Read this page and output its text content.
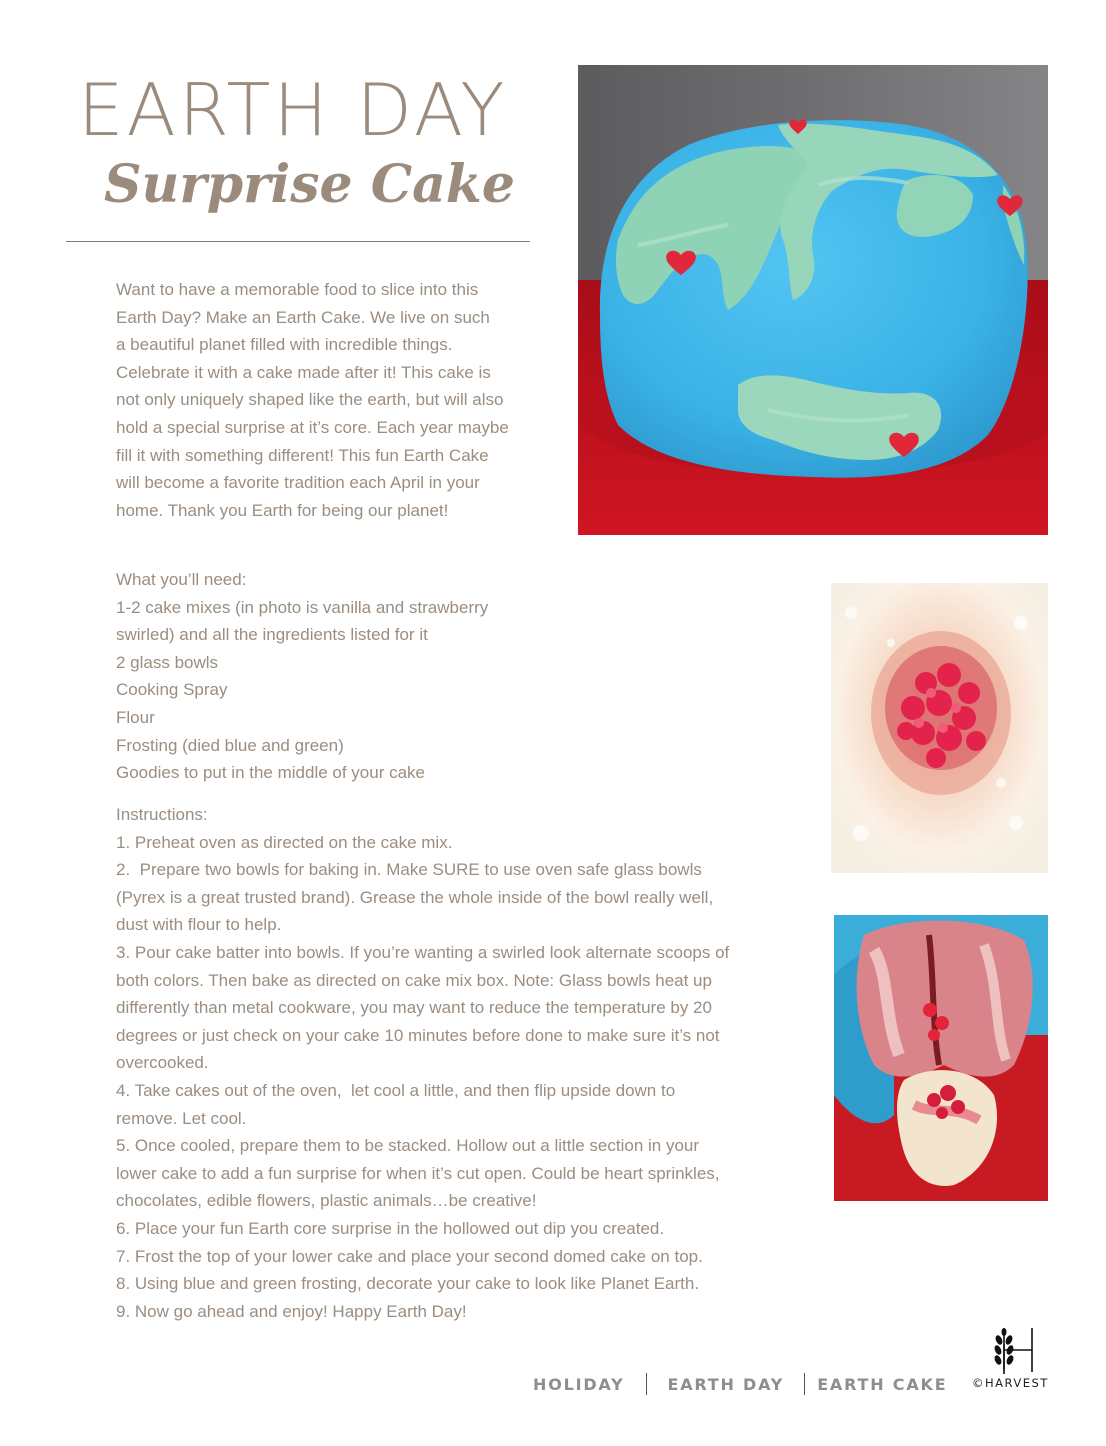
EARTH DAY
Surprise Cake
Want to have a memorable food to slice into this
Earth Day? Make an Earth Cake. We live on such
a beautiful planet filled with incredible things.
Celebrate it with a cake made after it! This cake is
not only uniquely shaped like the earth, but will also
hold a special surprise at it’s core. Each year maybe
fill it with something different! This fun Earth Cake
will become a favorite tradition each April in your
home. Thank you Earth for being our planet!
What you’ll need:
1-2 cake mixes (in photo is vanilla and strawberry
swirled) and all the ingredients listed for it
2 glass bowls
Cooking Spray
Flour
Frosting (died blue and green)
Goodies to put in the middle of your cake
Instructions:
1. Preheat oven as directed on the cake mix.
2.  Prepare two bowls for baking in. Make SURE to use oven safe glass bowls
(Pyrex is a great trusted brand). Grease the whole inside of the bowl really well,
dust with flour to help.
3. Pour cake batter into bowls. If you’re wanting a swirled look alternate scoops of
both colors. Then bake as directed on cake mix box. Note: Glass bowls heat up
differently than metal cookware, you may want to reduce the temperature by 20
degrees or just check on your cake 10 minutes before done to make sure it’s not
overcooked.
4. Take cakes out of the oven,  let cool a little, and then flip upside down to
remove. Let cool.
5. Once cooled, prepare them to be stacked. Hollow out a little section in your
lower cake to add a fun surprise for when it’s cut open. Could be heart sprinkles,
chocolates, edible flowers, plastic animals…be creative!
6. Place your fun Earth core surprise in the hollowed out dip you created.
7. Frost the top of your lower cake and place your second domed cake on top.
8. Using blue and green frosting, decorate your cake to look like Planet Earth.
9. Now go ahead and enjoy! Happy Earth Day!
HOLIDAY	EARTH DAY EARTH CAKE ©HARVEST
